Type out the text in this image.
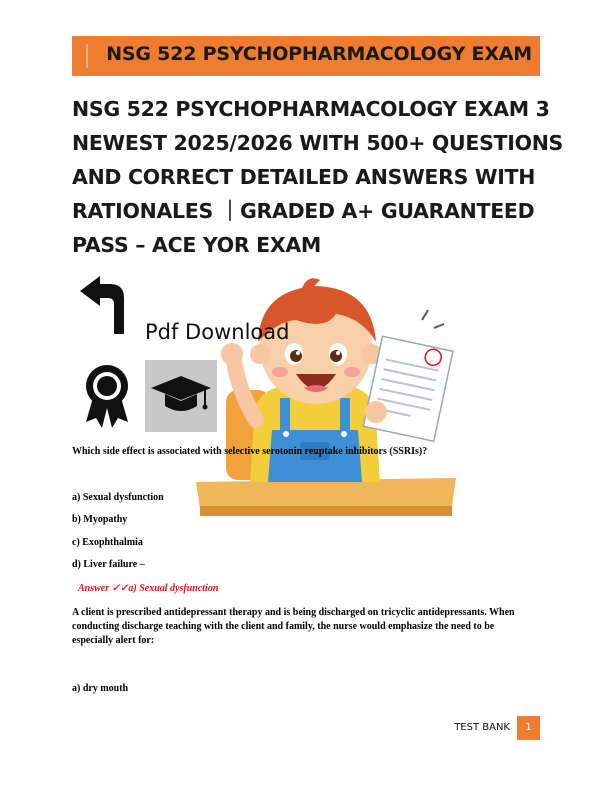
NSG 522 PSYCHOPHARMACOLOGY EXAM
NSG 522 PSYCHOPHARMACOLOGY EXAM 3
NEWEST 2025/2026 WITH 500+ QUESTIONS
AND CORRECT DETAILED ANSWERS WITH
RATIONALES ｜GRADED A+ GUARANTEED
PASS – ACE YOR EXAM
Pdf Download
Which side effect is associated with selective serotonin reuptake inhibitors (SSRIs)?
a) Sexual dysfunction
b) Myopathy
c) Exophthalmia
d) Liver failure –
Answer ✓✓a) Sexual dysfunction
A client is prescribed antidepressant therapy and is being discharged on tricyclic antidepressants. When conducting discharge teaching with the client and family, the nurse would emphasize the need to be especially alert for:
a) dry mouth
TEST BANK	1
